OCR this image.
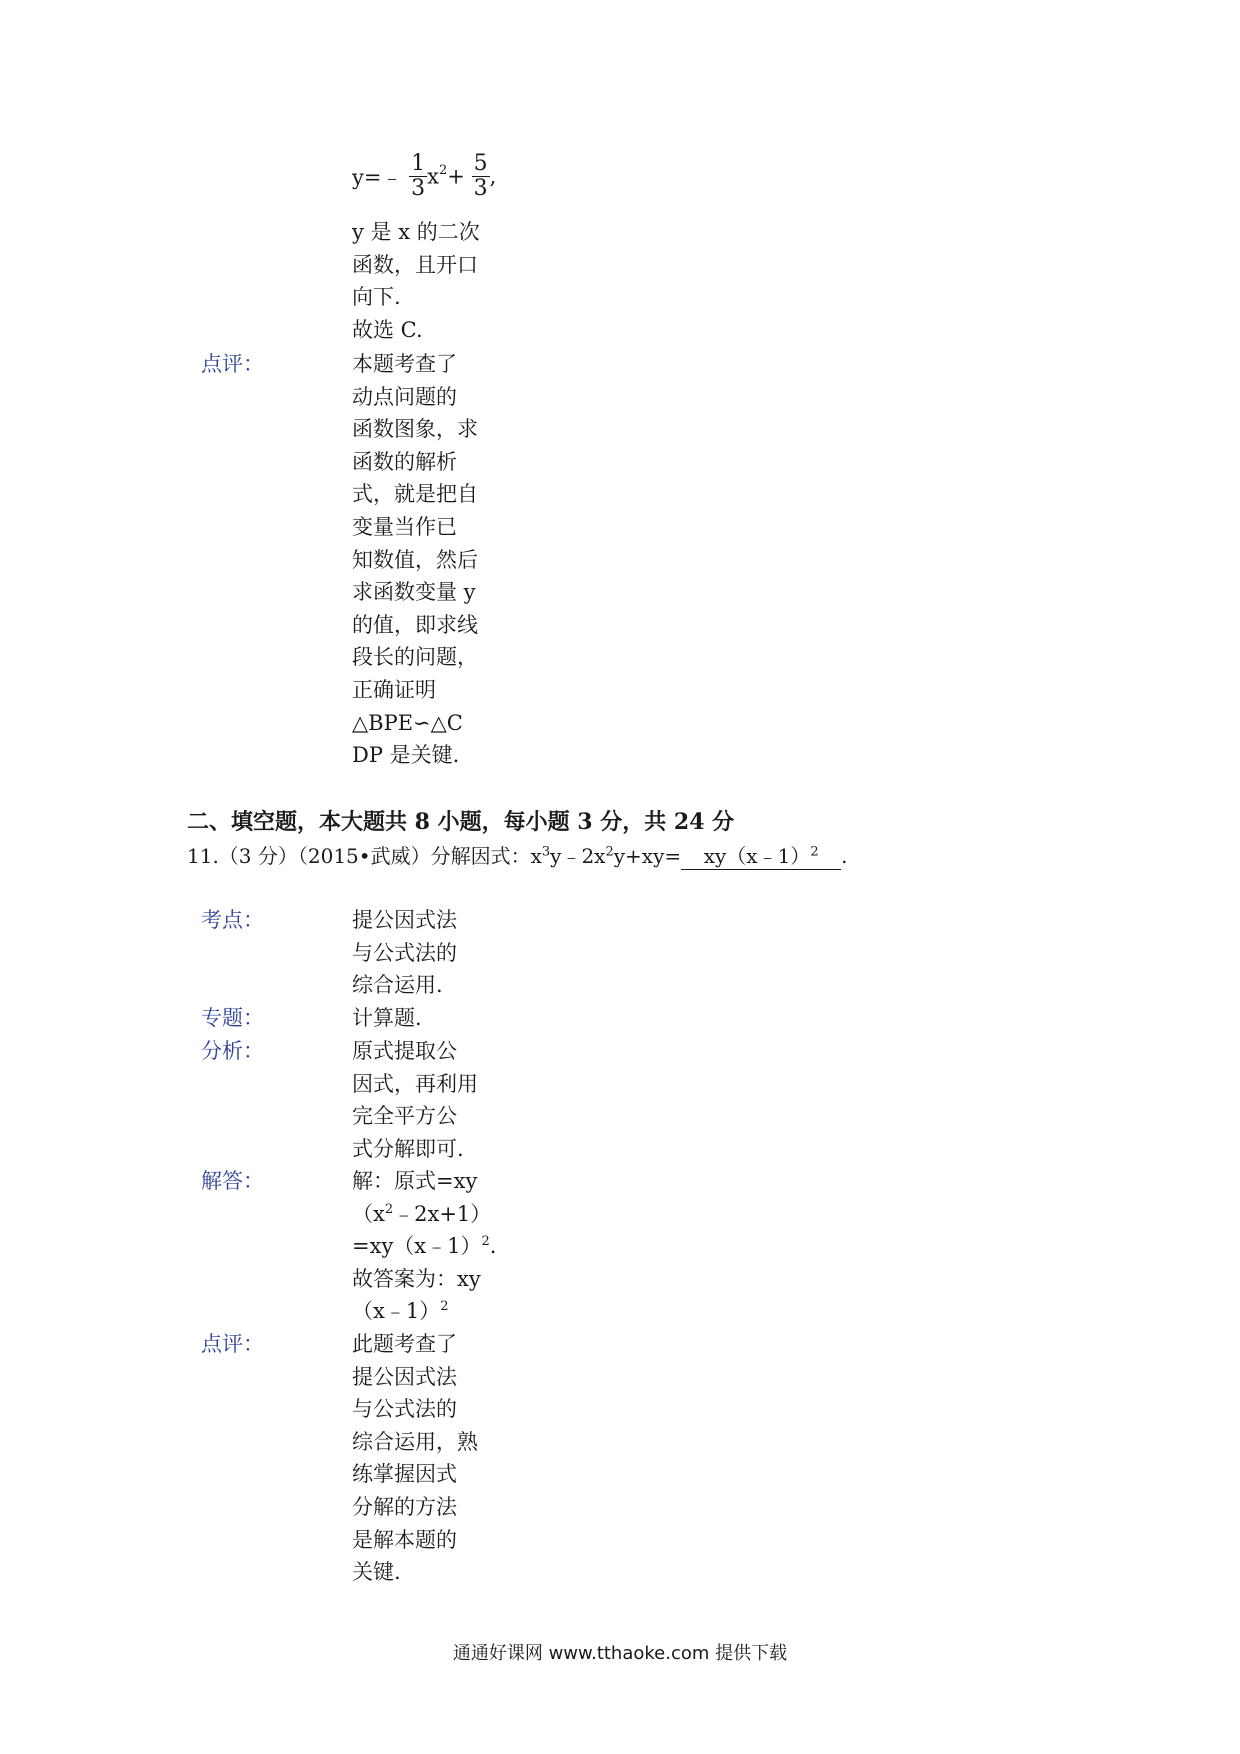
y=﹣ $\frac{1}{3} x^2+ \frac{5}{3}$ ,
y 是 x 的二次
函数，且开口
向下.
故选 C.
点评：	本题考查了
动点问题的
函数图象，求
函数的解析
式，就是把自
变量当作已
知数值，然后
求函数变量 y
的值，即求线
段长的问题，
正确证明
△BPE∽△C
DP 是关键.
二、填空题，本大题共 8 小题，每小题 3 分，共 24 分
11.（3 分）（2015•武威）分解因式：$x^3y﹣2x^2y+xy=$ xy（x﹣1）$^2$ .
考点：	提公因式法
与公式法的
综合运用.
专题：	计算题.
分析：	原式提取公
因式，再利用
完全平方公
式分解即可.
解答：	解：原式=xy
$(x^2﹣2x+1)$
=xy（x﹣1）$^2$.
故答案为：xy
（x﹣1）$^2$
点评：	此题考查了
提公因式法
与公式法的
综合运用，熟
练掌握因式
分解的方法
是解本题的
关键.
通通好课网 www.tthaoke.com 提供下载
